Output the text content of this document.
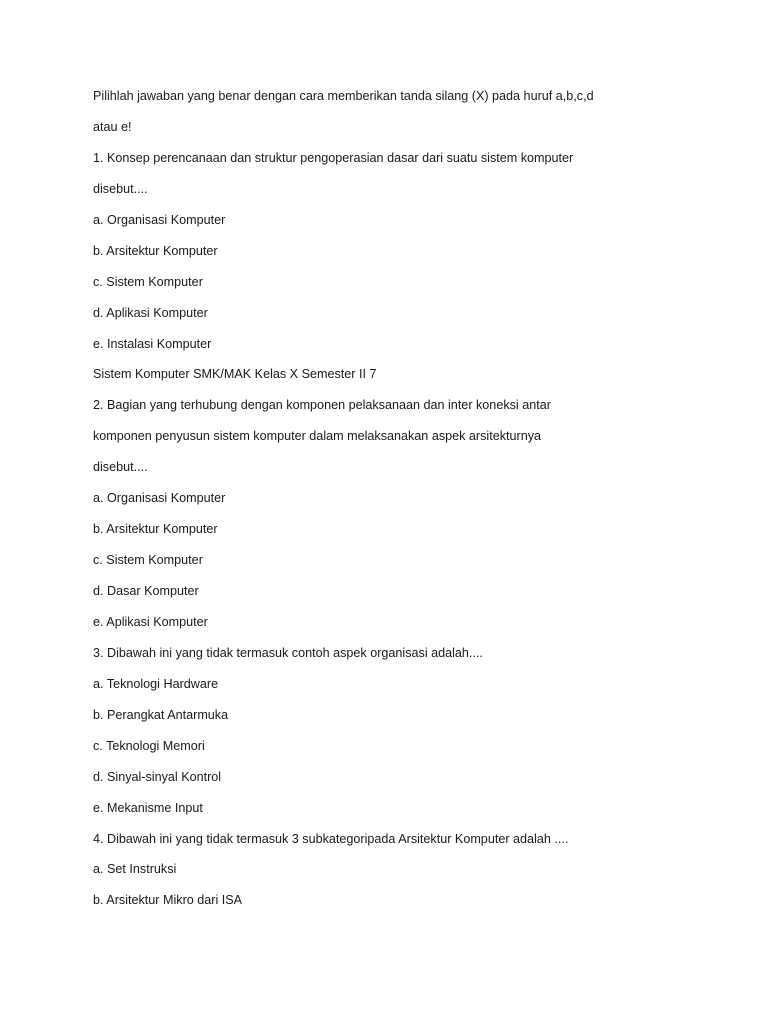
Pilihlah jawaban yang benar dengan cara memberikan tanda silang (X) pada huruf a,b,c,d
atau e!
1. Konsep perencanaan dan struktur pengoperasian dasar dari suatu sistem komputer
disebut....
a. Organisasi Komputer
b. Arsitektur Komputer
c. Sistem Komputer
d. Aplikasi Komputer
e. Instalasi Komputer
Sistem Komputer SMK/MAK Kelas X Semester II 7
2. Bagian yang terhubung dengan komponen pelaksanaan dan inter koneksi antar
komponen penyusun sistem komputer dalam melaksanakan aspek arsitekturnya
disebut....
a. Organisasi Komputer
b. Arsitektur Komputer
c. Sistem Komputer
d. Dasar Komputer
e. Aplikasi Komputer
3. Dibawah ini yang tidak termasuk contoh aspek organisasi adalah....
a. Teknologi Hardware
b. Perangkat Antarmuka
c. Teknologi Memori
d. Sinyal-sinyal Kontrol
e. Mekanisme Input
4. Dibawah ini yang tidak termasuk 3 subkategoripada Arsitektur Komputer adalah ....
a. Set Instruksi
b. Arsitektur Mikro dari ISA
